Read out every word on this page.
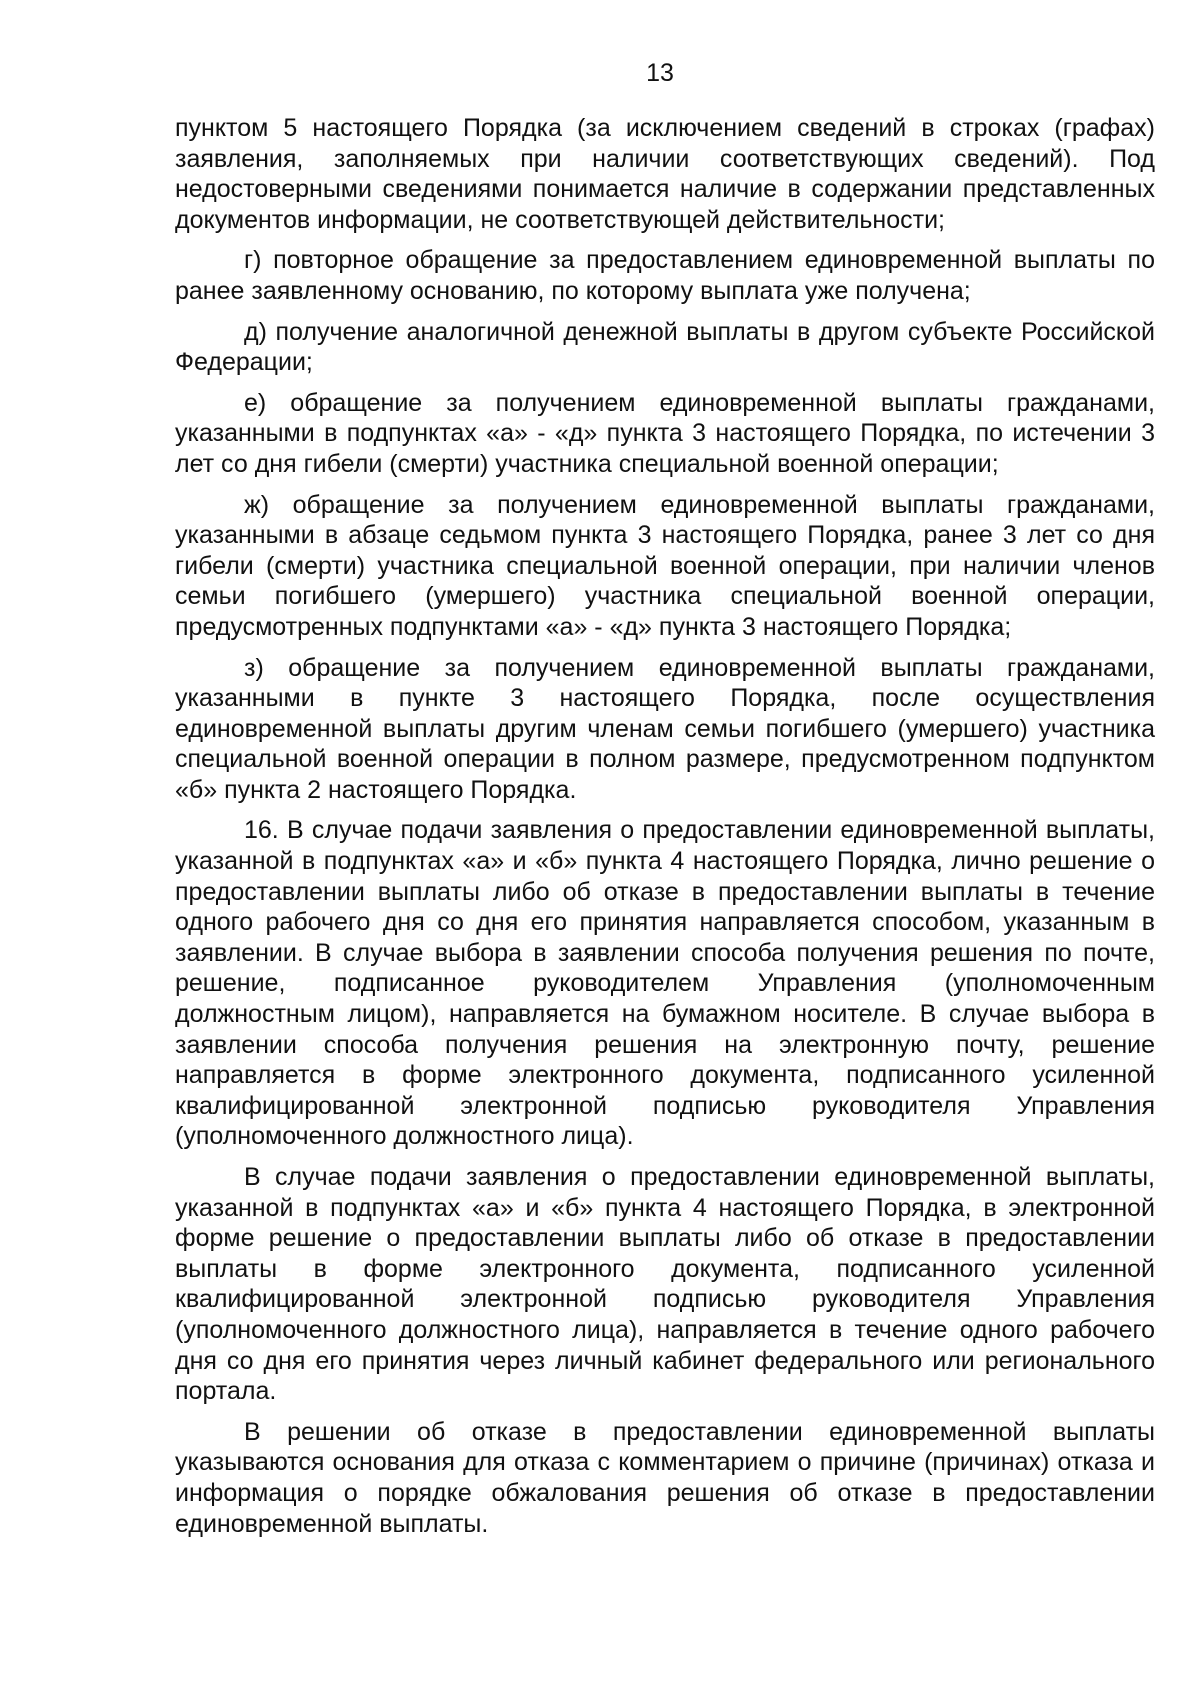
13

пунктом 5 настоящего Порядка (за исключением сведений в строках (графах) заявления, заполняемых при наличии соответствующих сведений). Под недостоверными сведениями понимается наличие в содержании представленных документов информации, не соответствующей действительности;

г) повторное обращение за предоставлением единовременной выплаты по ранее заявленному основанию, по которому выплата уже получена;

д) получение аналогичной денежной выплаты в другом субъекте Российской Федерации;

е) обращение за получением единовременной выплаты гражданами, указанными в подпунктах «а» - «д» пункта 3 настоящего Порядка, по истечении 3 лет со дня гибели (смерти) участника специальной военной операции;

ж) обращение за получением единовременной выплаты гражданами, указанными в абзаце седьмом пункта 3 настоящего Порядка, ранее 3 лет со дня гибели (смерти) участника специальной военной операции, при наличии членов семьи погибшего (умершего) участника специальной военной операции, предусмотренных подпунктами «а» - «д» пункта 3 настоящего Порядка;

з) обращение за получением единовременной выплаты гражданами, указанными в пункте 3 настоящего Порядка, после осуществления единовременной выплаты другим членам семьи погибшего (умершего) участника специальной военной операции в полном размере, предусмотренном подпунктом «б» пункта 2 настоящего Порядка.

16. В случае подачи заявления о предоставлении единовременной выплаты, указанной в подпунктах «а» и «б» пункта 4 настоящего Порядка, лично решение о предоставлении выплаты либо об отказе в предоставлении выплаты в течение одного рабочего дня со дня его принятия направляется способом, указанным в заявлении. В случае выбора в заявлении способа получения решения по почте, решение, подписанное руководителем Управления (уполномоченным должностным лицом), направляется на бумажном носителе. В случае выбора в заявлении способа получения решения на электронную почту, решение направляется в форме электронного документа, подписанного усиленной квалифицированной электронной подписью руководителя Управления (уполномоченного должностного лица).

В случае подачи заявления о предоставлении единовременной выплаты, указанной в подпунктах «а» и «б» пункта 4 настоящего Порядка, в электронной форме решение о предоставлении выплаты либо об отказе в предоставлении выплаты в форме электронного документа, подписанного усиленной квалифицированной электронной подписью руководителя Управления (уполномоченного должностного лица), направляется в течение одного рабочего дня со дня его принятия через личный кабинет федерального или регионального портала.

В решении об отказе в предоставлении единовременной выплаты указываются основания для отказа с комментарием о причине (причинах) отказа и информация о порядке обжалования решения об отказе в предоставлении единовременной выплаты.
